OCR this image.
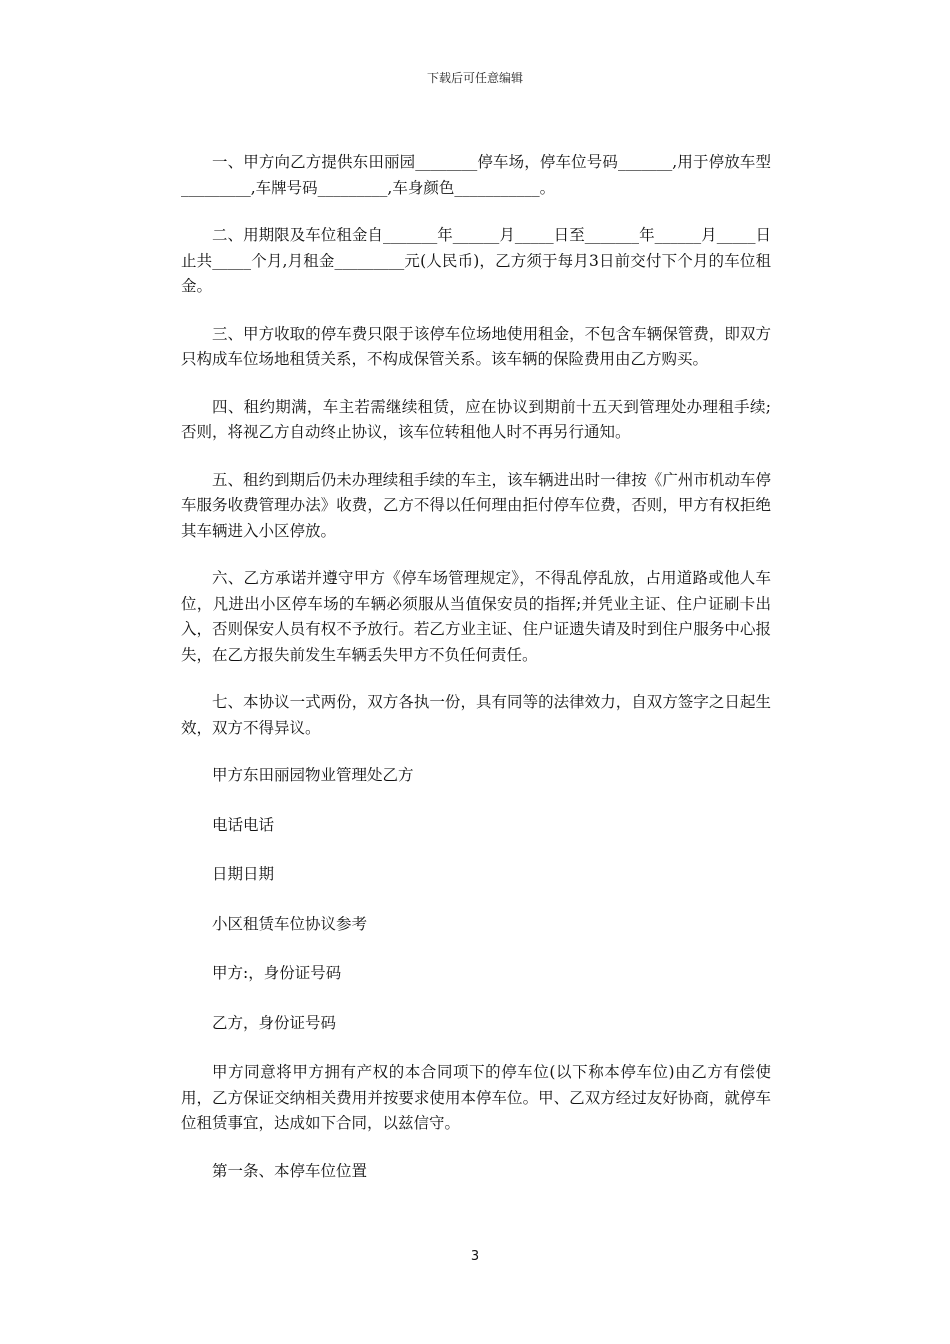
下载后可任意编辑

一、甲方向乙方提供东田丽园________停车场，停车位号码_______,用于停放车型_________,车牌号码_________,车身颜色___________。

二、用期限及车位租金自_______年______月_____日至_______年______月_____日止共_____个月,月租金_________元(人民币)，乙方须于每月3日前交付下个月的车位租金。

三、甲方收取的停车费只限于该停车位场地使用租金，不包含车辆保管费，即双方只构成车位场地租赁关系，不构成保管关系。该车辆的保险费用由乙方购买。

四、租约期满，车主若需继续租赁，应在协议到期前十五天到管理处办理租手续;否则，将视乙方自动终止协议，该车位转租他人时不再另行通知。

五、租约到期后仍未办理续租手续的车主，该车辆进出时一律按《广州市机动车停车服务收费管理办法》收费，乙方不得以任何理由拒付停车位费，否则，甲方有权拒绝其车辆进入小区停放。

六、乙方承诺并遵守甲方《停车场管理规定》，不得乱停乱放，占用道路或他人车位，凡进出小区停车场的车辆必须服从当值保安员的指挥;并凭业主证、住户证刷卡出入，否则保安人员有权不予放行。若乙方业主证、住户证遗失请及时到住户服务中心报失，在乙方报失前发生车辆丢失甲方不负任何责任。

七、本协议一式两份，双方各执一份，具有同等的法律效力，自双方签字之日起生效，双方不得异议。

甲方东田丽园物业管理处乙方

电话电话

日期日期

小区租赁车位协议参考

甲方:，身份证号码

乙方，身份证号码

甲方同意将甲方拥有产权的本合同项下的停车位(以下称本停车位)由乙方有偿使用，乙方保证交纳相关费用并按要求使用本停车位。甲、乙双方经过友好协商，就停车位租赁事宜，达成如下合同，以兹信守。

第一条、本停车位位置

3
